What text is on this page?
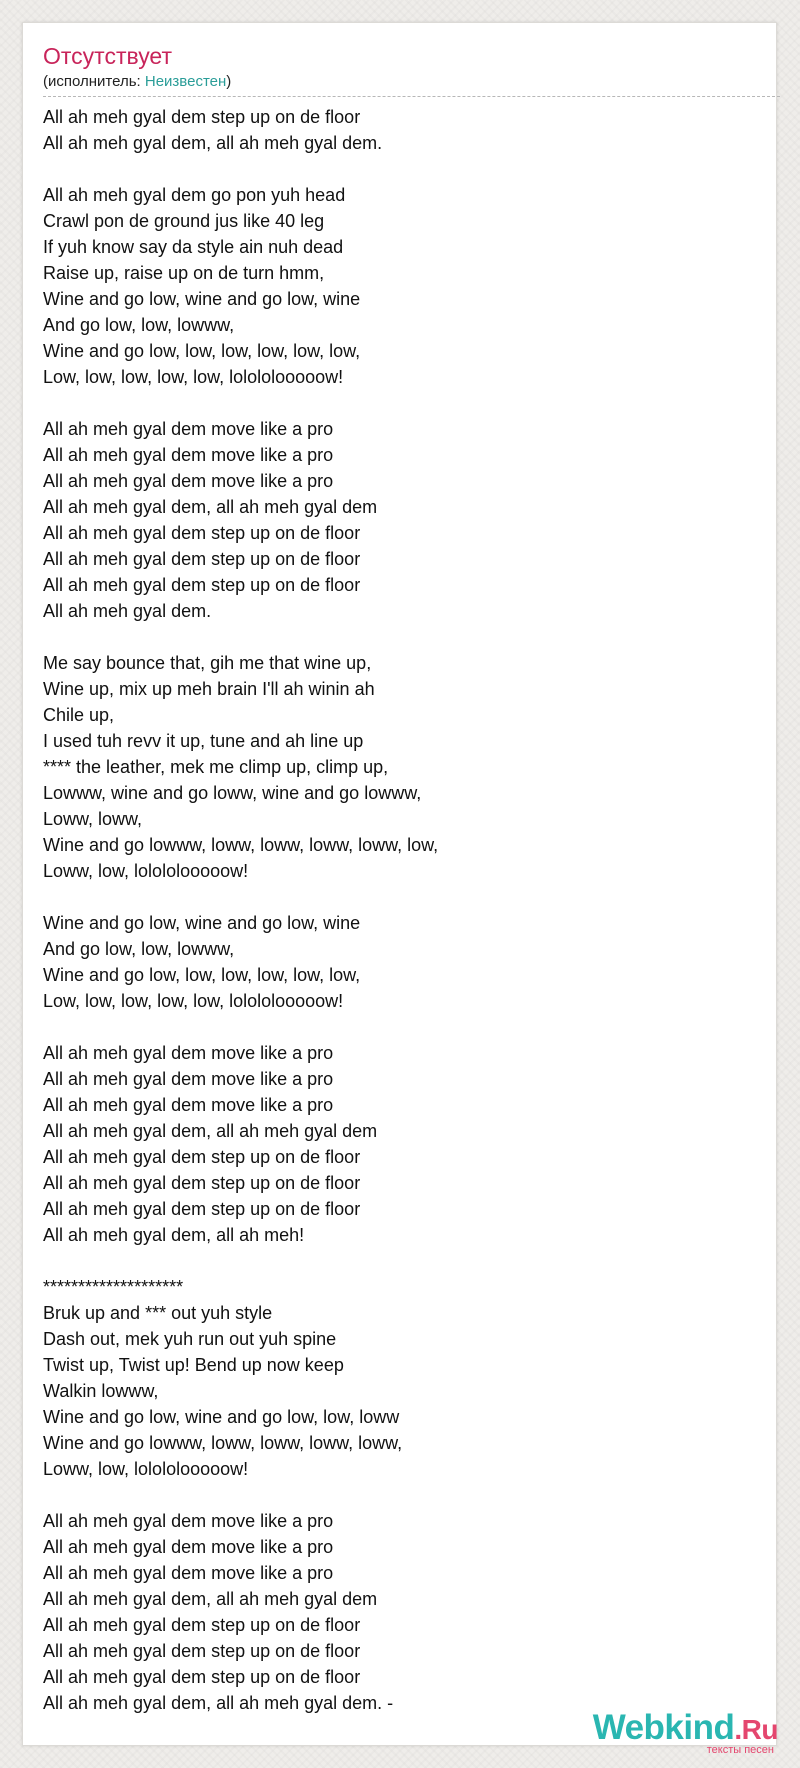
Отсутствует
(исполнитель: Неизвестен)
All ah meh gyal dem step up on de floor
All ah meh gyal dem, all ah meh gyal dem.
All ah meh gyal dem go pon yuh head
Crawl pon de ground jus like 40 leg
If yuh know say da style ain nuh dead
Raise up, raise up on de turn hmm,
Wine and go low, wine and go low, wine
And go low, low, lowww,
Wine and go low, low, low, low, low, low,
Low, low, low, low, low, lolololooooow!
All ah meh gyal dem move like a pro
All ah meh gyal dem move like a pro
All ah meh gyal dem move like a pro
All ah meh gyal dem, all ah meh gyal dem
All ah meh gyal dem step up on de floor
All ah meh gyal dem step up on de floor
All ah meh gyal dem step up on de floor
All ah meh gyal dem.
Me say bounce that, gih me that wine up,
Wine up, mix up meh brain I'll ah winin ah
Chile up,
I used tuh revv it up, tune and ah line up
**** the leather, mek me climp up, climp up,
Lowww, wine and go loww, wine and go lowww,
Loww, loww,
Wine and go lowww, loww, loww, loww, loww, low,
Loww, low, lolololooooow!
Wine and go low, wine and go low, wine
And go low, low, lowww,
Wine and go low, low, low, low, low, low,
Low, low, low, low, low, lolololooooow!
All ah meh gyal dem move like a pro
All ah meh gyal dem move like a pro
All ah meh gyal dem move like a pro
All ah meh gyal dem, all ah meh gyal dem
All ah meh gyal dem step up on de floor
All ah meh gyal dem step up on de floor
All ah meh gyal dem step up on de floor
All ah meh gyal dem, all ah meh!
********************
Bruk up and *** out yuh style
Dash out, mek yuh run out yuh spine
Twist up, Twist up! Bend up now keep
Walkin lowww,
Wine and go low, wine and go low, low, loww
Wine and go lowww, loww, loww, loww, loww,
Loww, low, lolololooooow!
All ah meh gyal dem move like a pro
All ah meh gyal dem move like a pro
All ah meh gyal dem move like a pro
All ah meh gyal dem, all ah meh gyal dem
All ah meh gyal dem step up on de floor
All ah meh gyal dem step up on de floor
All ah meh gyal dem step up on de floor
All ah meh gyal dem, all ah meh gyal dem. -
Webkind.Ru
тексты песен
